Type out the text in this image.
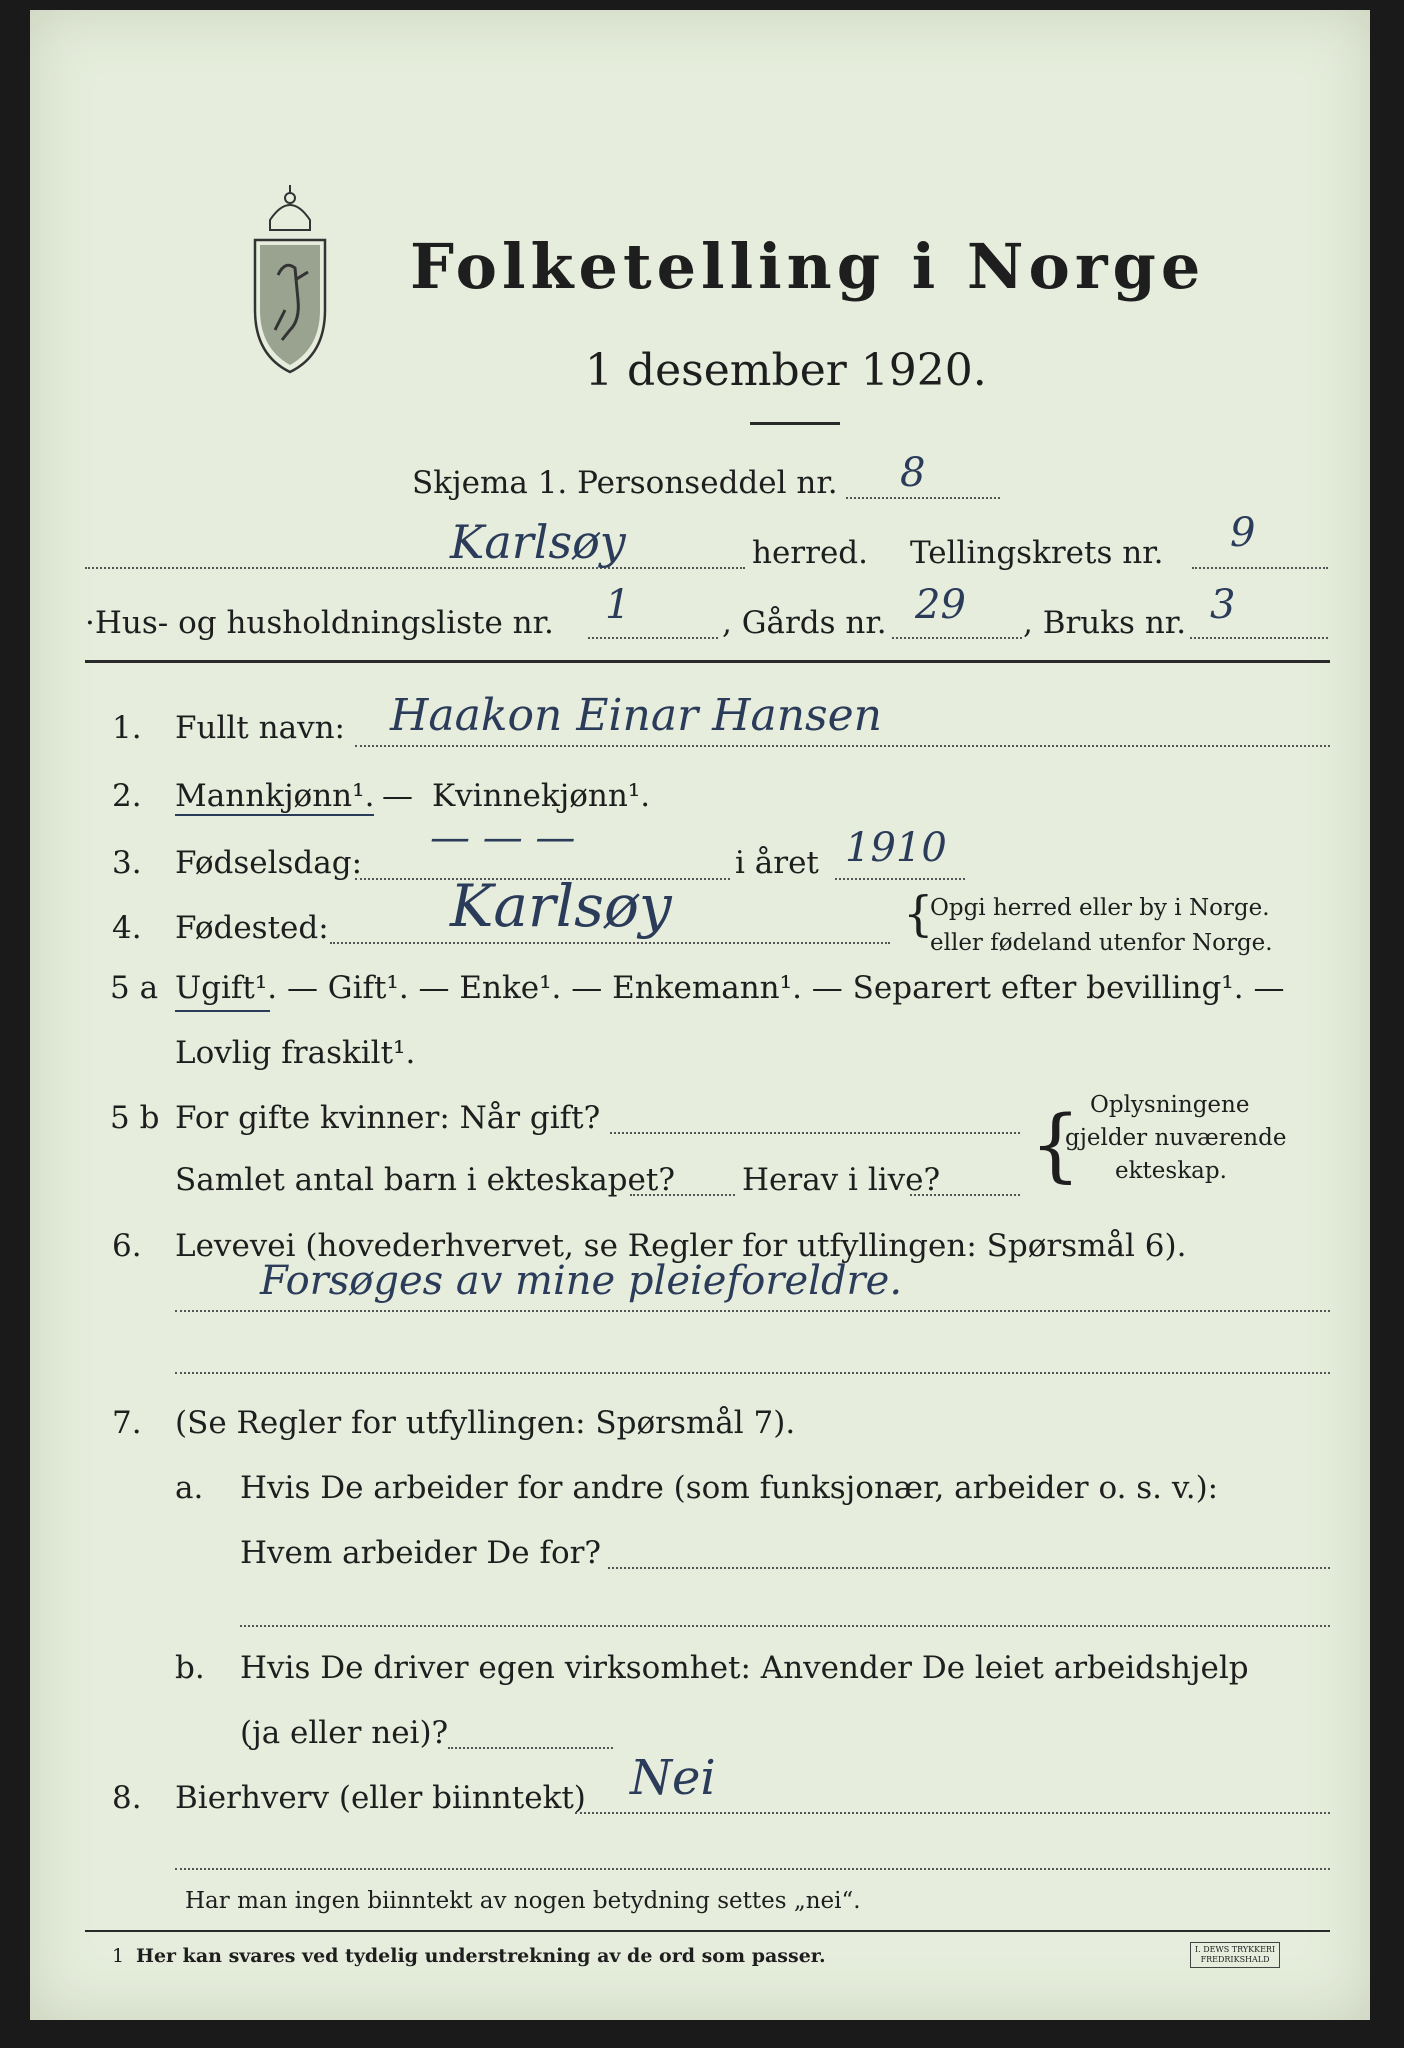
Folketelling i Norge
1 desember 1920.
Skjema 1. Personseddel nr. 8
Karlsøy	herred. Tellingskrets nr. 9
·Hus- og husholdningsliste nr. 1	, Gårds nr. 29 , Bruks nr. 3
1. Fullt navn: Haakon Einar Hansen
2. Mannkjønn¹. — Kvinnekjønn¹.
3. Fødselsdag:
— — —
i året 1910
4. Fødested: Karlsøy	{
Opgi herred eller by i Norge.
eller fødeland utenfor Norge.
5 a Ugift¹. — Gift¹. — Enke¹. — Enkemann¹. — Separert efter bevilling¹. —
Lovlig fraskilt¹.
5 b For gifte kvinner: Når gift?
Samlet antal barn i ekteskapet? Herav i live? { Oplysningene
gjelder nuværende
ekteskap.
6. Levevei (hovederhvervet, se Regler for utfyllingen: Spørsmål 6).
Forsøges av mine pleieforeldre.
7. (Se Regler for utfyllingen: Spørsmål 7).
a. Hvis De arbeider for andre (som funksjonær, arbeider o. s. v.):
Hvem arbeider De for?
b. Hvis De driver egen virksomhet: Anvender De leiet arbeidshjelp
(ja eller nei)?
8. Bierhverv (eller biinntekt) Nei
Har man ingen biinntekt av nogen betydning settes „nei“.
1 Her kan svares ved tydelig understrekning av de ord som passer.	I. DEWS TRYKKERI
FREDRIKSHALD
